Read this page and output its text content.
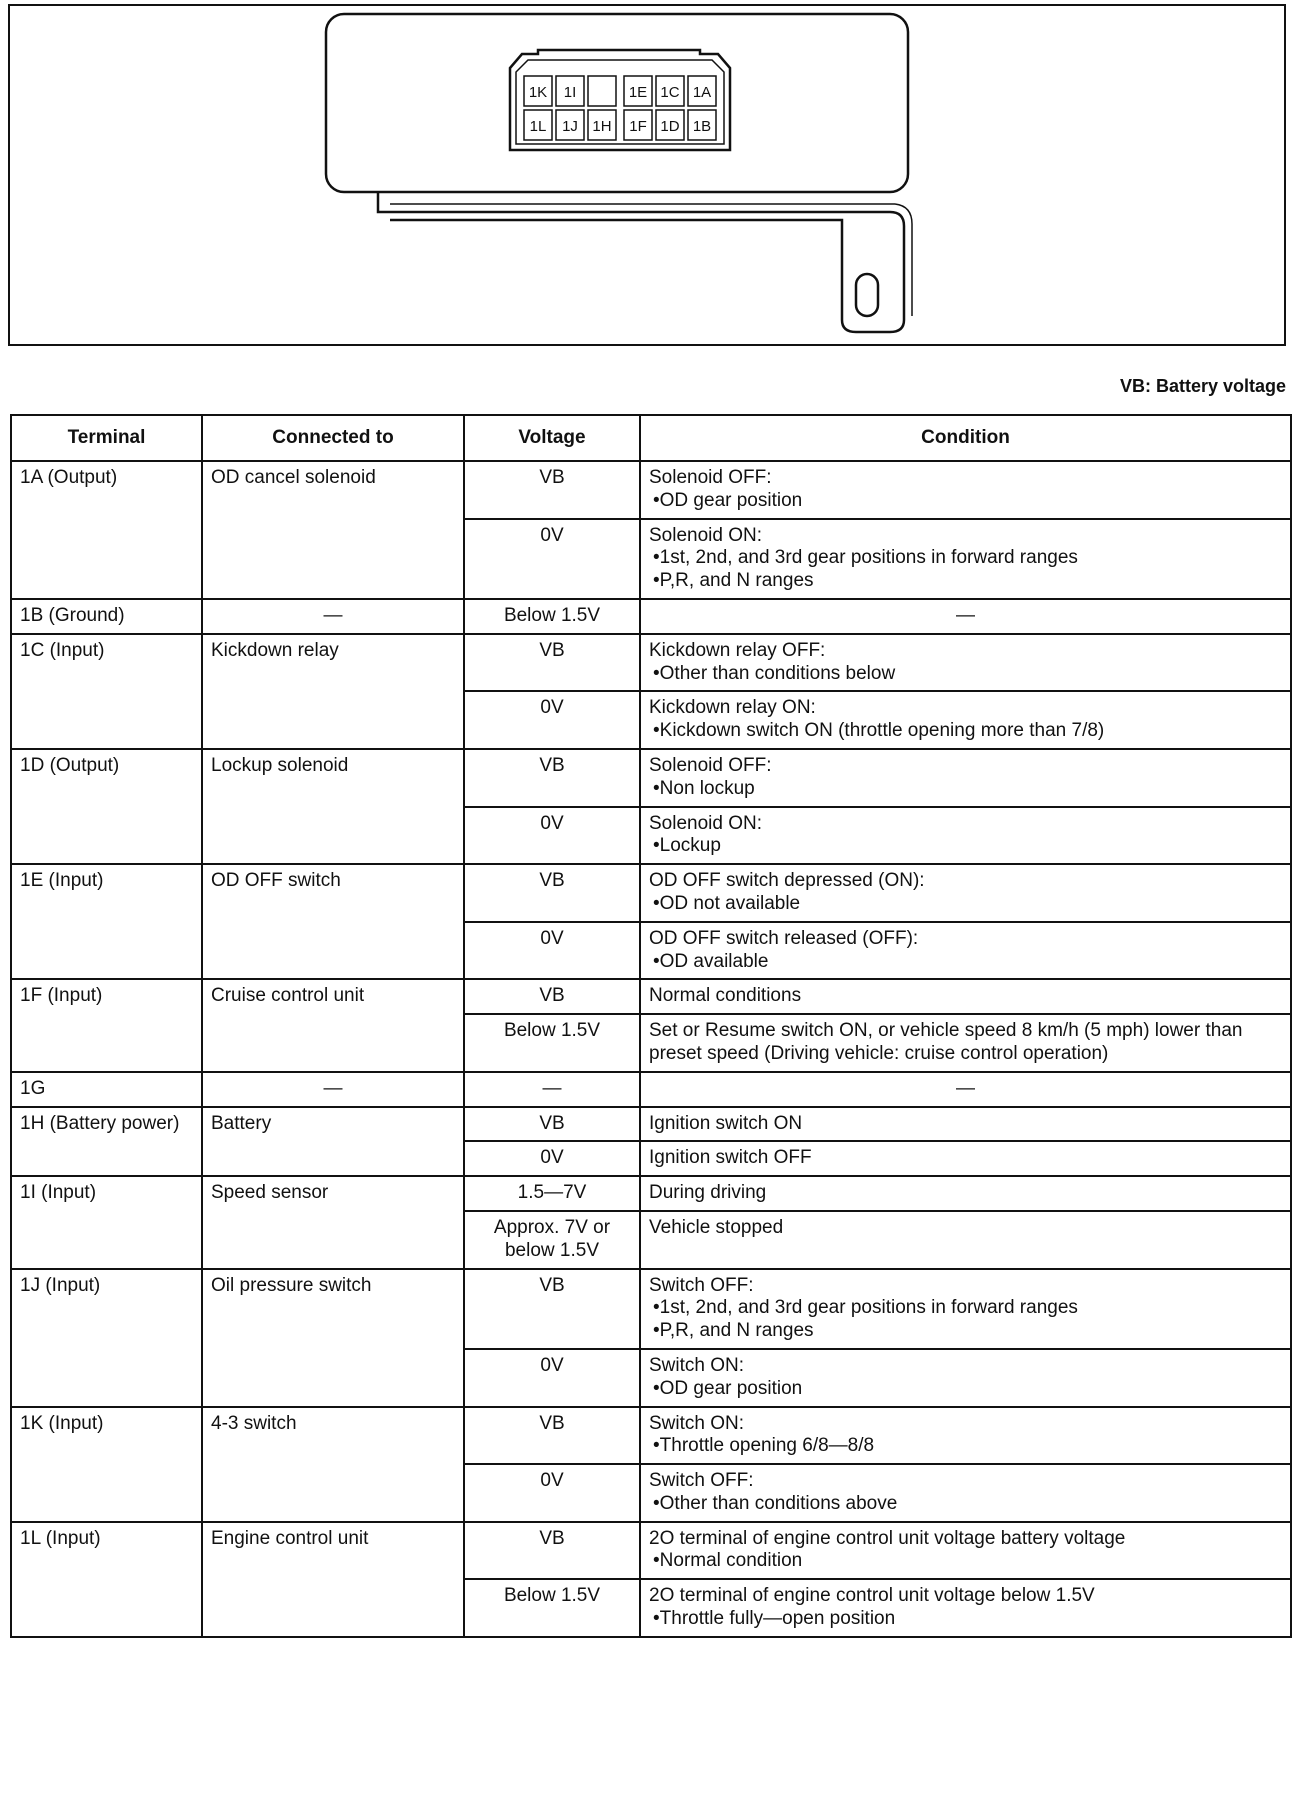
1K 1I	1E 1C 1A
1L 1J 1H 1F 1D 1B
VB: Battery voltage
Terminal	Connected to	Voltage	Condition
1A (Output)	OD cancel solenoid	VB	Solenoid OFF:
• OD gear position

		0V	Solenoid ON:
• 1st, 2nd, and 3rd gear positions in forward ranges
• P,R, and N ranges

1B (Ground)	—	Below 1.5V	—

1C (Input)	Kickdown relay	VB	Kickdown relay OFF:
• Other than conditions below

		0V	Kickdown relay ON:
• Kickdown switch ON (throttle opening more than 7/8)

1D (Output)	Lockup solenoid	VB	Solenoid OFF:
• Non lockup

		0V	Solenoid ON:
• Lockup

1E (Input)	OD OFF switch	VB	OD OFF switch depressed (ON):
• OD not available

		0V	OD OFF switch released (OFF):
• OD available

1F (Input)	Cruise control unit	VB	Normal conditions

		Below 1.5V	Set or Resume switch ON, or vehicle speed 8 km/h (5 mph) lower than preset speed (Driving vehicle: cruise control operation)

1G	—	—	—

1H (Battery power)	Battery	VB	Ignition switch ON

		0V	Ignition switch OFF

1I (Input)	Speed sensor	1.5—7V	During driving

		Approx. 7V or below 1.5V	Vehicle stopped

1J (Input)	Oil pressure switch	VB	Switch OFF:
• 1st, 2nd, and 3rd gear positions in forward ranges
• P,R, and N ranges

		0V	Switch ON:
• OD gear position

1K (Input)	4-3 switch	VB	Switch ON:
• Throttle opening 6/8—8/8

		0V	Switch OFF:
• Other than conditions above

1L (Input)	Engine control unit	VB	2O terminal of engine control unit voltage battery voltage
• Normal condition

		Below 1.5V	2O terminal of engine control unit voltage below 1.5V
• Throttle fully—open position
